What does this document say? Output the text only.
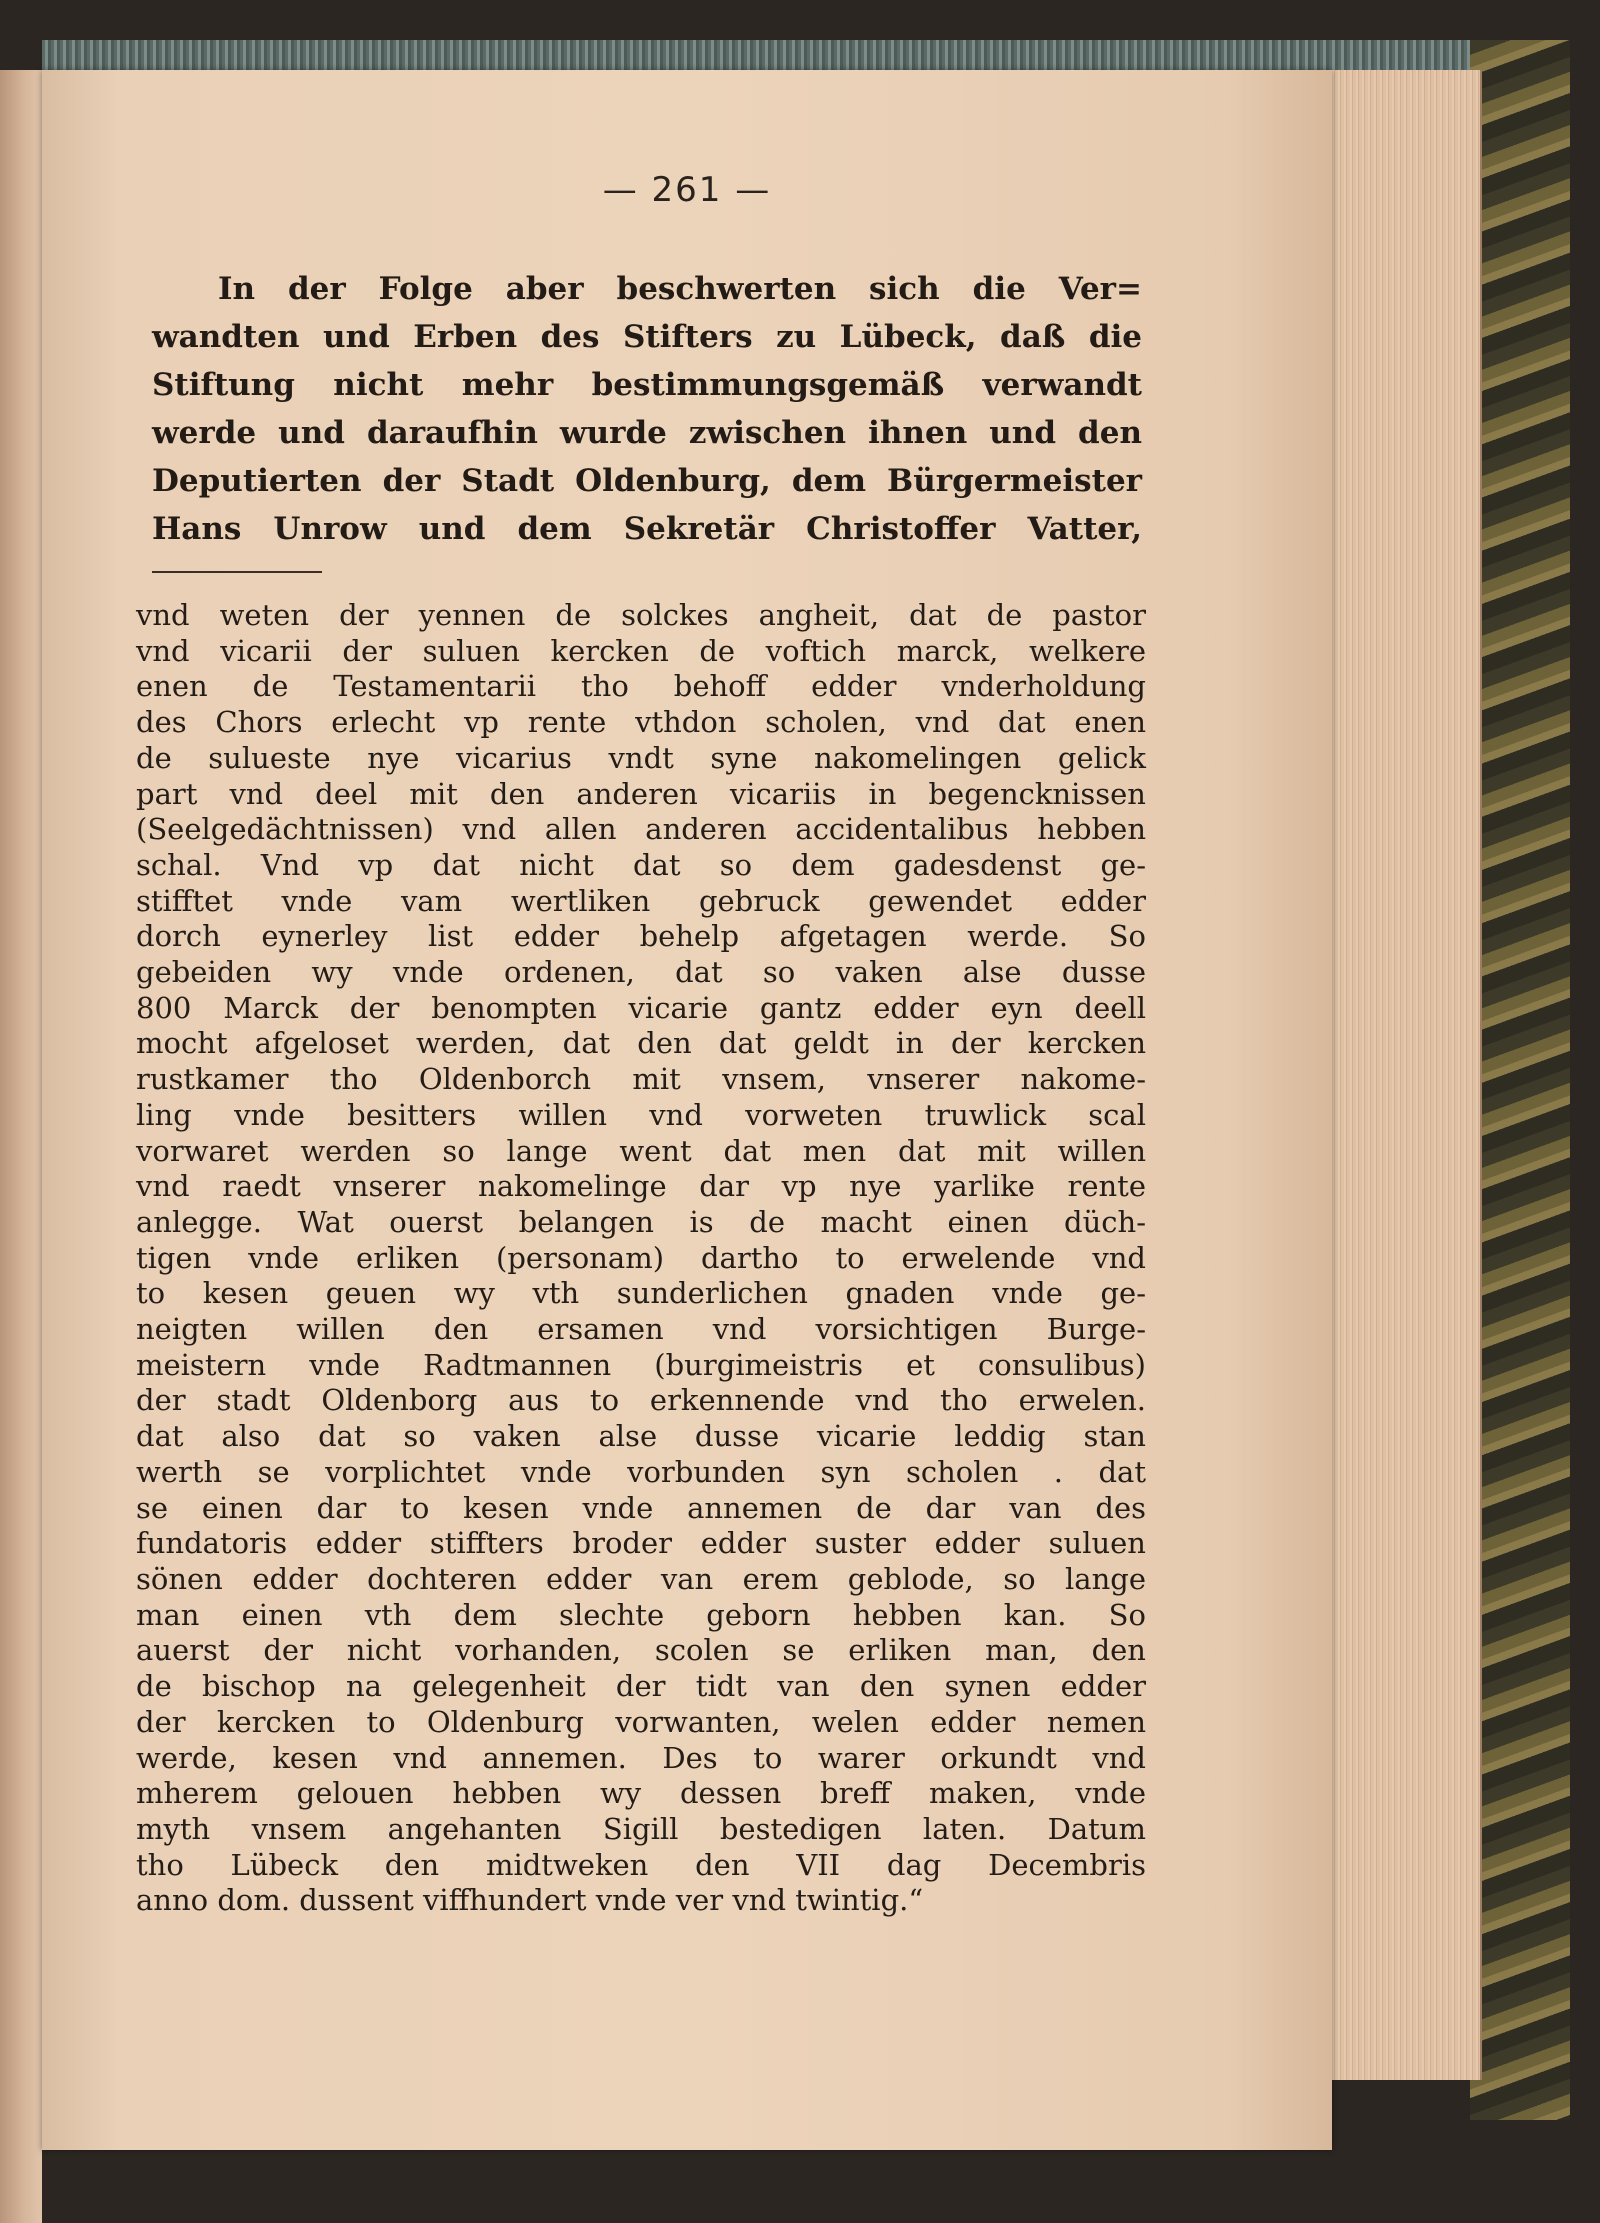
— 261 —
In der Folge aber beschwerten sich die Ver=
wandten und Erben des Stifters zu Lübeck, daß die
Stiftung nicht mehr bestimmungsgemäß verwandt
werde und daraufhin wurde zwischen ihnen und den
Deputierten der Stadt Oldenburg, dem Bürgermeister
Hans Unrow und dem Sekretär Christoffer Vatter,
vnd weten der yennen de solckes angheit, dat de pastor
vnd vicarii der suluen kercken de voftich marck, welkere
enen de Testamentarii tho behoff edder vnderholdung
des Chors erlecht vp rente vthdon scholen, vnd dat enen
de sulueste nye vicarius vndt syne nakomelingen gelick
part vnd deel mit den anderen vicariis in begencknissen
(Seelgedächtnissen) vnd allen anderen accidentalibus hebben
schal. Vnd vp dat nicht dat so dem gadesdenst ge-
stifftet vnde vam wertliken gebruck gewendet edder
dorch eynerley list edder behelp afgetagen werde. So
gebeiden wy vnde ordenen, dat so vaken alse dusse
800 Marck der benompten vicarie gantz edder eyn deell
mocht afgeloset werden, dat den dat geldt in der kercken
rustkamer tho Oldenborch mit vnsem, vnserer nakome-
ling vnde besitters willen vnd vorweten truwlick scal
vorwaret werden so lange went dat men dat mit willen
vnd raedt vnserer nakomelinge dar vp nye yarlike rente
anlegge. Wat ouerst belangen is de macht einen düch-
tigen vnde erliken (personam) dartho to erwelende vnd
to kesen geuen wy vth sunderlichen gnaden vnde ge-
neigten willen den ersamen vnd vorsichtigen Burge-
meistern vnde Radtmannen (burgimeistris et consulibus)
der stadt Oldenborg aus to erkennende vnd tho erwelen.
dat also dat so vaken alse dusse vicarie leddig stan
werth se vorplichtet vnde vorbunden syn scholen . dat
se einen dar to kesen vnde annemen de dar van des
fundatoris edder stiffters broder edder suster edder suluen
sönen edder dochteren edder van erem geblode, so lange
man einen vth dem slechte geborn hebben kan. So
auerst der nicht vorhanden, scolen se erliken man, den
de bischop na gelegenheit der tidt van den synen edder
der kercken to Oldenburg vorwanten, welen edder nemen
werde, kesen vnd annemen. Des to warer orkundt vnd
mherem gelouen hebben wy dessen breff maken, vnde
myth vnsem angehanten Sigill bestedigen laten. Datum
tho Lübeck den midtweken den VII dag Decembris
anno dom. dussent viffhundert vnde ver vnd twintig.“
